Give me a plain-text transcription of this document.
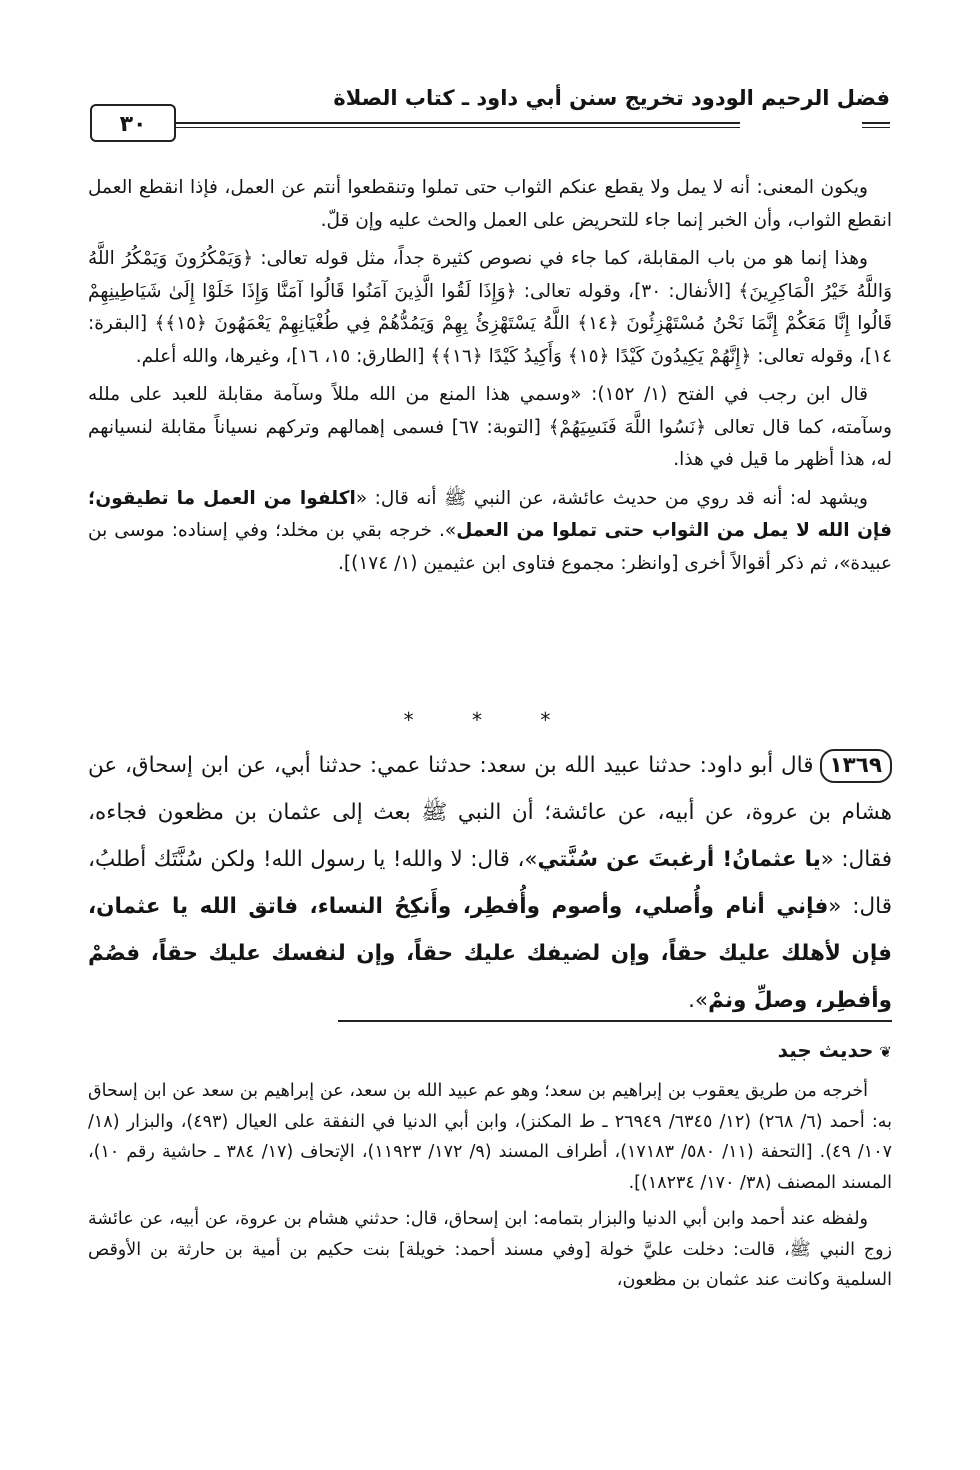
فضل الرحيم الودود تخريج سنن أبي داود ـ كتاب الصلاة
٣٠

ويكون المعنى: أنه لا يمل ولا يقطع عنكم الثواب حتى تملوا وتنقطعوا أنتم عن العمل، فإذا انقطع العمل انقطع الثواب، وأن الخبر إنما جاء للتحريض على العمل والحث عليه وإن قلّ.

وهذا إنما هو من باب المقابلة، كما جاء في نصوص كثيرة جداً، مثل قوله تعالى: ﴿وَيَمْكُرُونَ وَيَمْكُرُ اللَّهُ وَاللَّهُ خَيْرُ الْمَاكِرِينَ﴾ [الأنفال: ٣٠]، وقوله تعالى: ﴿وَإِذَا لَقُوا الَّذِينَ آمَنُوا قَالُوا آمَنَّا وَإِذَا خَلَوْا إِلَىٰ شَيَاطِينِهِمْ قَالُوا إِنَّا مَعَكُمْ إِنَّمَا نَحْنُ مُسْتَهْزِئُونَ ﴿١٤﴾ اللَّهُ يَسْتَهْزِئُ بِهِمْ وَيَمُدُّهُمْ فِي طُغْيَانِهِمْ يَعْمَهُونَ ﴿١٥﴾﴾ [البقرة: ١٤]، وقوله تعالى: ﴿إِنَّهُمْ يَكِيدُونَ كَيْدًا ﴿١٥﴾ وَأَكِيدُ كَيْدًا ﴿١٦﴾﴾ [الطارق: ١٥، ١٦]، وغيرها، والله أعلم.

قال ابن رجب في الفتح (١/ ١٥٢): «وسمي هذا المنع من الله مللاً وسآمة مقابلة للعبد على ملله وسآمته، كما قال تعالى ﴿نَسُوا اللَّهَ فَنَسِيَهُمْ﴾ [التوبة: ٦٧] فسمى إهمالهم وتركهم نسياناً مقابلة لنسيانهم له، هذا أظهر ما قيل في هذا.

ويشهد له: أنه قد روي من حديث عائشة، عن النبي ﷺ أنه قال: «اكلفوا من العمل ما تطيقون؛ فإن الله لا يمل من الثواب حتى تملوا من العمل». خرجه بقي بن مخلد؛ وفي إسناده: موسى بن عبيدة»، ثم ذكر أقوالاً أخرى [وانظر: مجموع فتاوى ابن عثيمين (١/ ١٧٤)].

* * *

١٣٦٩قال أبو داود: حدثنا عبيد الله بن سعد: حدثنا عمي: حدثنا أبي، عن ابن إسحاق، عن هشام بن عروة، عن أبيه، عن عائشة؛ أن النبي ﷺ بعث إلى عثمان بن مظعون فجاءه، فقال: «يا عثمانُ! أرغبتَ عن سُنَّتي»، قال: لا والله! يا رسول الله! ولكن سُنَّتَك أطلبُ، قال: «فإني أنام وأُصلي، وأصوم وأُفطِر، وأَنكِحُ النساء، فاتق الله يا عثمان، فإن لأهلك عليك حقاً، وإن لضيفك عليك حقاً، وإن لنفسك عليك حقاً، فصُمْ وأفطِر، وصلِّ ونمْ».

❦حديث جيد

أخرجه من طريق يعقوب بن إبراهيم بن سعد؛ وهو عم عبيد الله بن سعد، عن إبراهيم بن سعد عن ابن إسحاق به: أحمد (٦/ ٢٦٨) (١٢/ ٦٣٤٥/ ٢٦٩٤٩ ـ ط المكنز)، وابن أبي الدنيا في النفقة على العيال (٤٩٣)، والبزار (١٨/ ١٠٧/ ٤٩). [التحفة (١١/ ٥٨٠/ ١٧١٨٣)، أطراف المسند (٩/ ١٧٢/ ١١٩٢٣)، الإتحاف (١٧/ ٣٨٤ ـ حاشية رقم ١٠)، المسند المصنف (٣٨/ ١٧٠/ ١٨٢٣٤)].

ولفظه عند أحمد وابن أبي الدنيا والبزار بتمامه: ابن إسحاق، قال: حدثني هشام بن عروة، عن أبيه، عن عائشة زوج النبي ﷺ، قالت: دخلت عليَّ خولة [وفي مسند أحمد: خويلة] بنت حكيم بن أمية بن حارثة بن الأوقص السلمية وكانت عند عثمان بن مظعون،
